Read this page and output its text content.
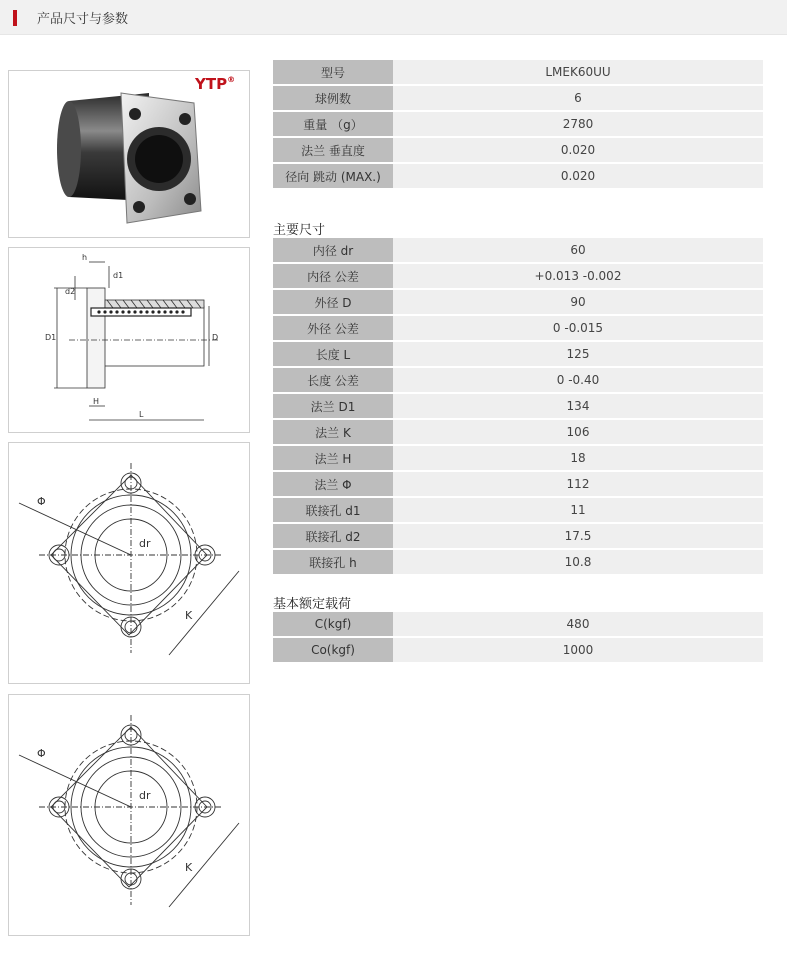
产品尺寸与参数
YTP®
h
d1
d2
D1	D
H
L
Φ
dr
K
Φ
dr
K
型号	LMEK60UU
球例数	6
重量 （g）	2780
法兰 垂直度	0.020
径向 跳动 (MAX.)	0.020
主要尺寸
内径 dr	60
内径 公差	+0.013 -0.002
外径 D	90
外径 公差	0 -0.015
长度 L	125
长度 公差	0 -0.40
法兰 D1	134
法兰 K	106
法兰 H	18
法兰 Φ	112
联接孔 d1	11
联接孔 d2	17.5
联接孔 h	10.8
基本额定载荷
C(kgf)	480
Co(kgf)	1000
